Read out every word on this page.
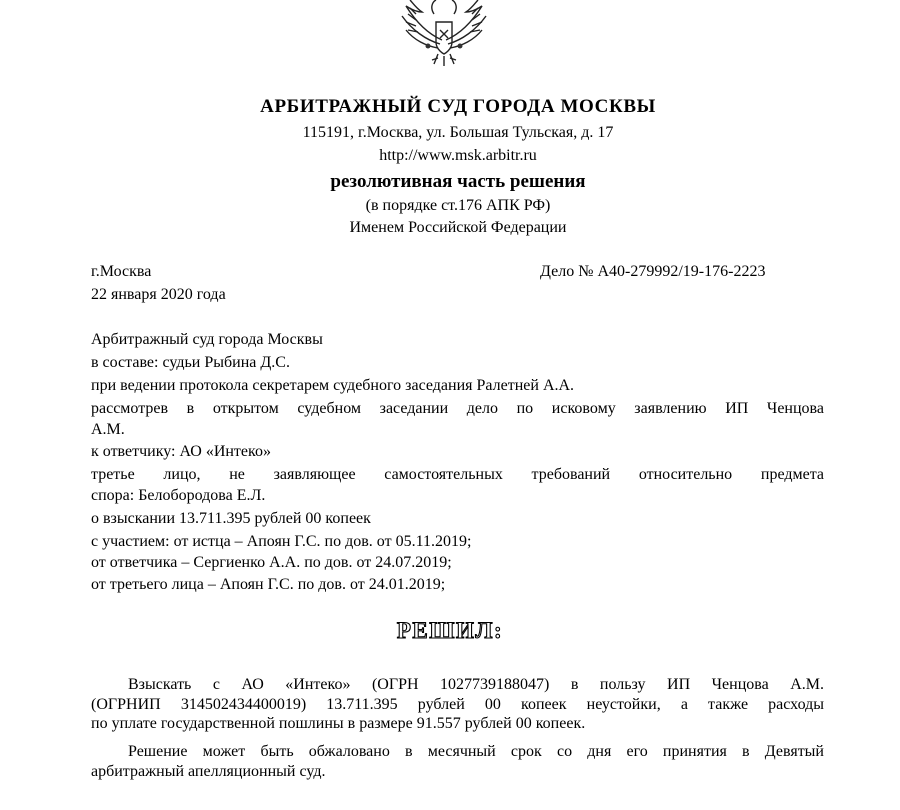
АРБИТРАЖНЫЙ СУД ГОРОДА МОСКВЫ
115191, г.Москва, ул. Большая Тульская, д. 17
http://www.msk.arbitr.ru
резолютивная часть решения
(в порядке ст.176 АПК РФ)
Именем Российской Федерации
г.Москва	Дело № А40-279992/19-176-2223
22 января 2020 года
Арбитражный суд города Москвы
в составе: судьи Рыбина Д.С.
при ведении протокола секретарем судебного заседания Ралетней А.А.
рассмотрев в открытом судебном заседании дело по исковому заявлению ИП Ченцова
А.М.
к ответчику: АО «Интеко»
третье лицо, не заявляющее самостоятельных требований относительно предмета
спора: Белобородова Е.Л.
о взыскании 13.711.395 рублей 00 копеек
с участием: от истца – Апоян Г.С. по дов. от 05.11.2019;
от ответчика – Сергиенко А.А. по дов. от 24.07.2019;
от третьего лица – Апоян Г.С. по дов. от 24.01.2019;
РЕШИЛ:
Взыскать с АО «Интеко» (ОГРН 1027739188047) в пользу ИП Ченцова А.М.
(ОГРНИП 314502434400019) 13.711.395 рублей 00 копеек неустойки, а также расходы
по уплате государственной пошлины в размере 91.557 рублей 00 копеек.
Решение может быть обжаловано в месячный срок со дня его принятия в Девятый
арбитражный апелляционный суд.
